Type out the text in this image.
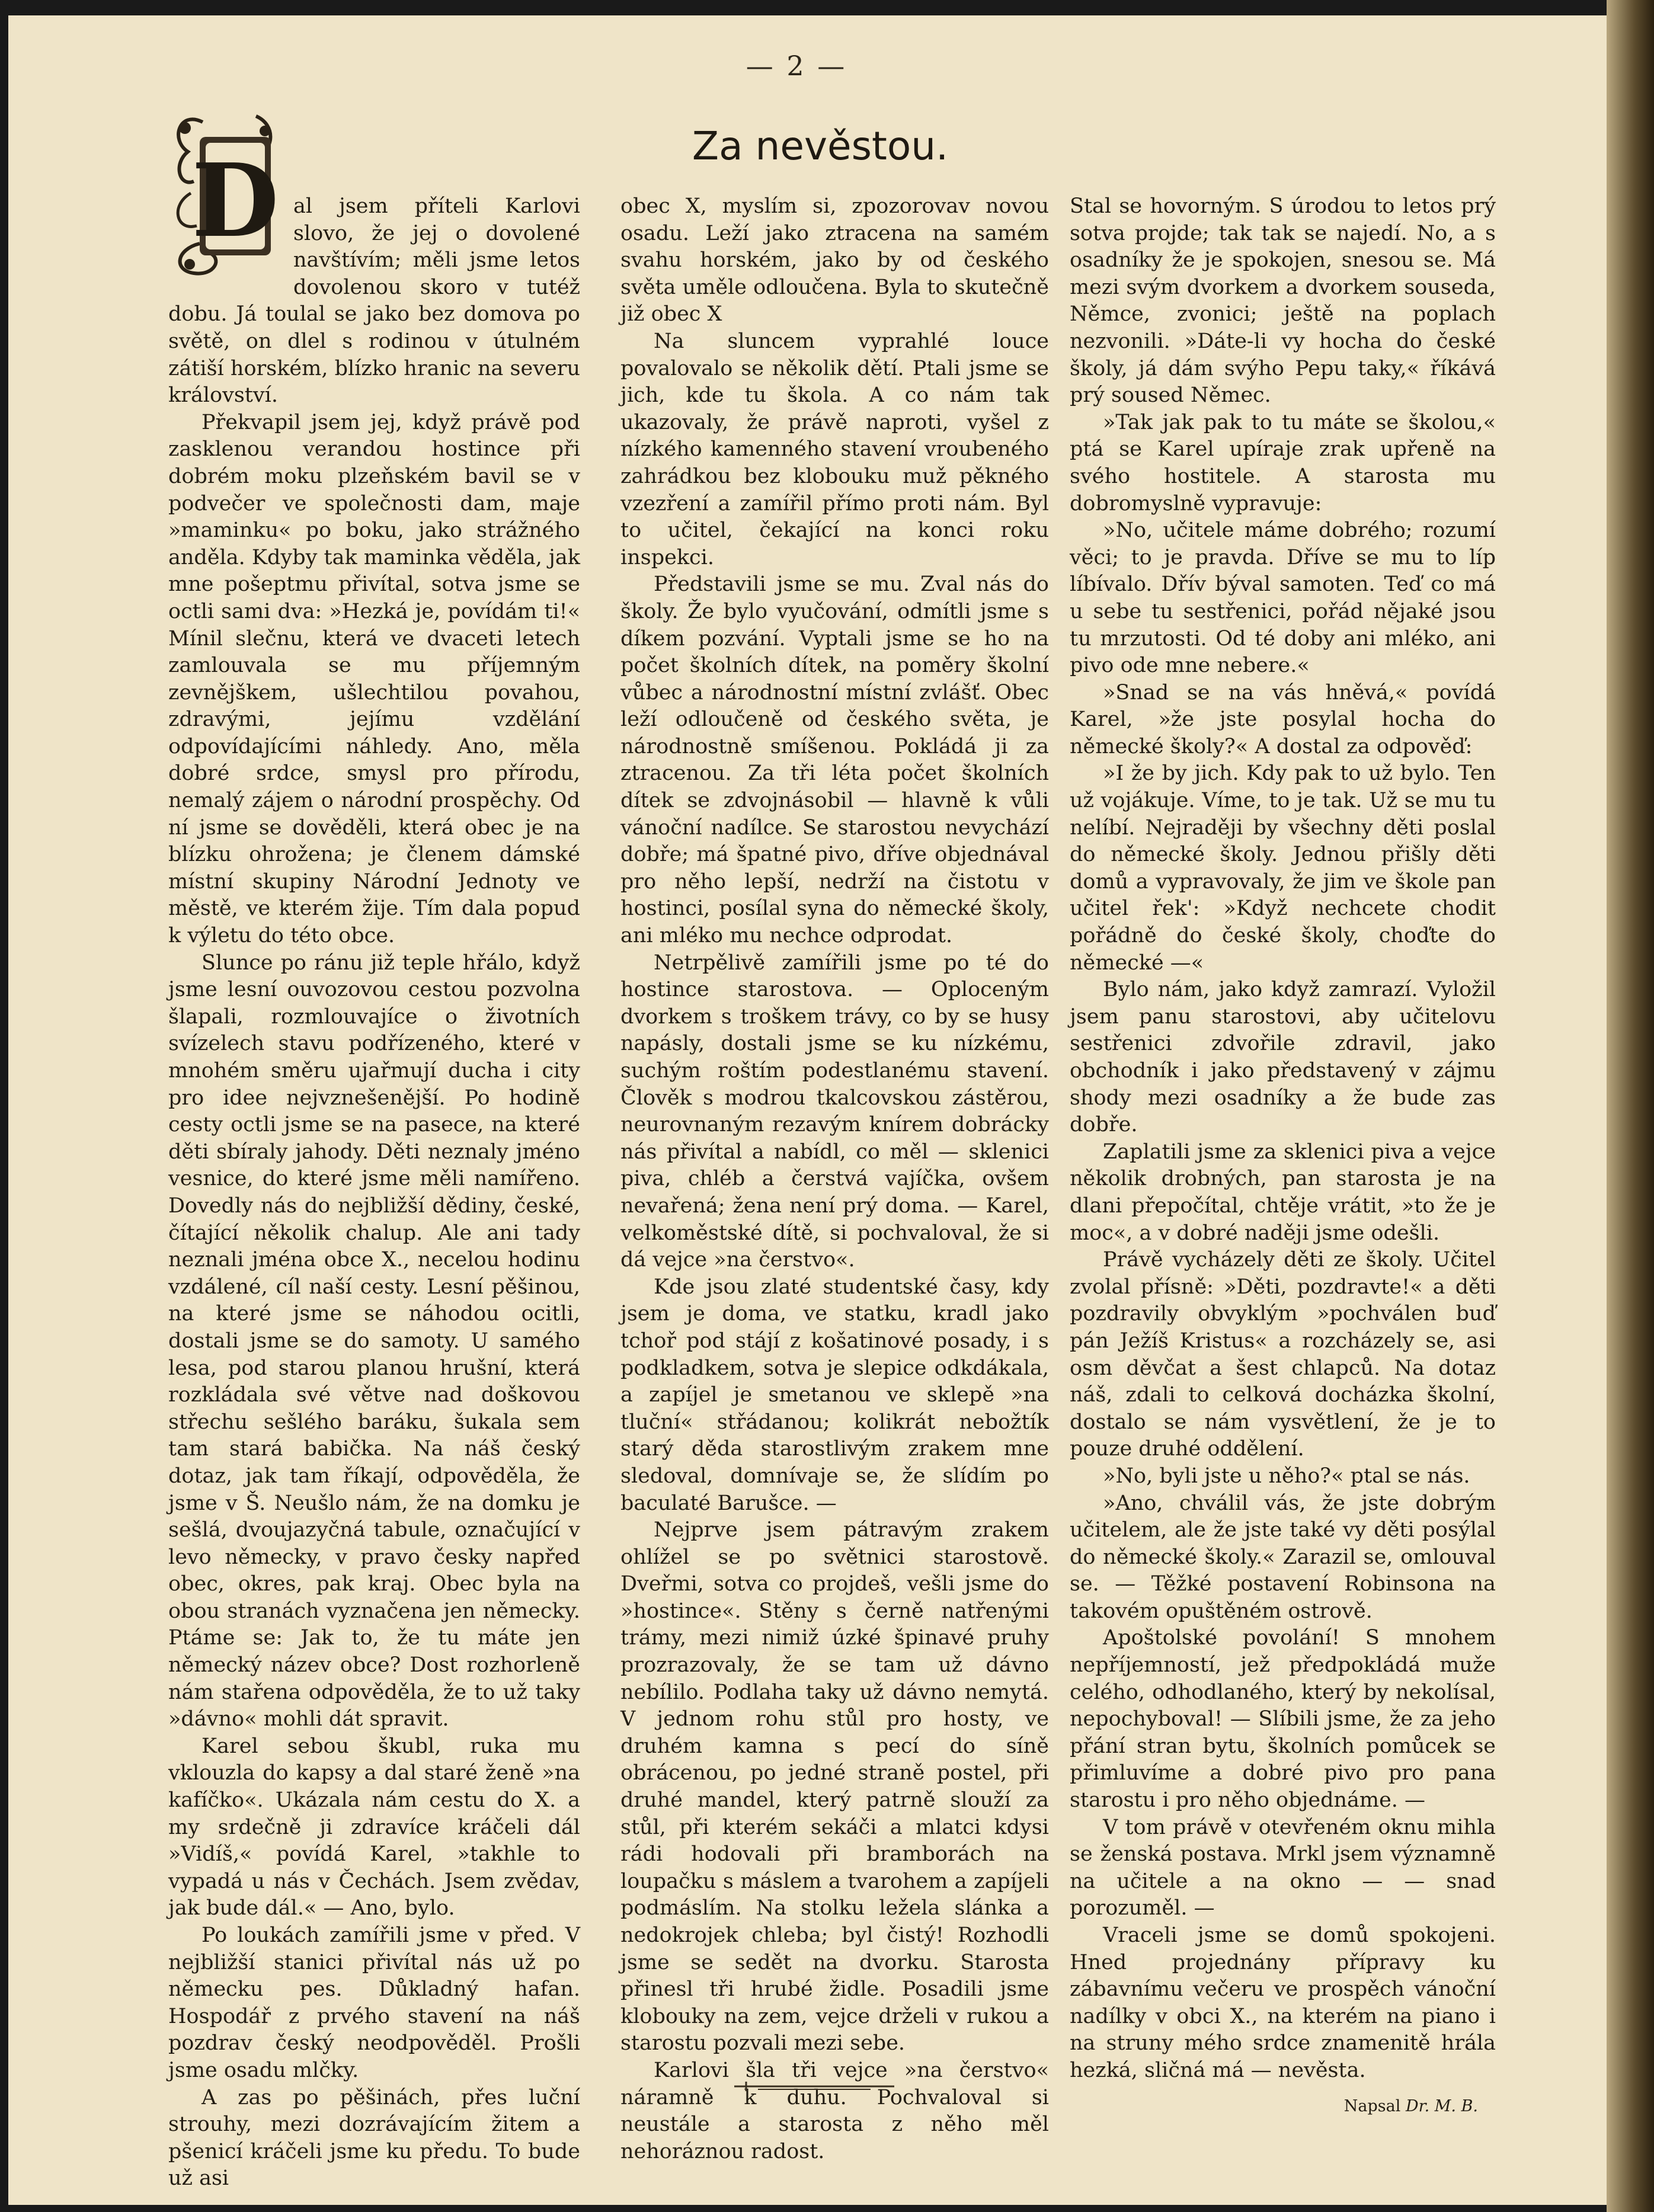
— 2 —
Za nevěstou.
D al jsem příteli Karlovi slovo, že jej o dovolené navštívím; měli jsme letos dovolenou skoro v tutéž dobu. Já toulal se jako bez domova po světě, on dlel s rodinou v útulném zátiší horském, blízko hranic na severu království.

Překvapil jsem jej, když právě pod zasklenou verandou hostince při dobrém moku plzeňském bavil se v podvečer ve společnosti dam, maje »maminku« po boku, jako strážného anděla. Kdyby tak maminka věděla, jak mne pošeptmu přivítal, sotva jsme se octli sami dva: »Hezká je, povídám ti!« Mínil slečnu, která ve dvaceti letech zamlouvala se mu příjemným zevnějškem, ušlechtilou povahou, zdravými, jejímu vzdělání odpovídajícími náhledy. Ano, měla dobré srdce, smysl pro přírodu, nemalý zájem o národní prospěchy. Od ní jsme se dověděli, která obec je na blízku ohrožena; je členem dámské místní skupiny Národní Jednoty ve městě, ve kterém žije. Tím dala popud k výletu do této obce.

Slunce po ránu již teple hřálo, když jsme lesní ouvozovou cestou pozvolna šlapali, rozmlouvajíce o životních svízelech stavu podřízeného, které v mnohém směru ujařmují ducha i city pro idee nejvznešenější. Po hodině cesty octli jsme se na pasece, na které děti sbíraly jahody. Děti neznaly jméno vesnice, do které jsme měli namířeno. Dovedly nás do nejbližší dědiny, české, čítající několik chalup. Ale ani tady neznali jména obce X., necelou hodinu vzdálené, cíl naší cesty. Lesní pěšinou, na které jsme se náhodou ocitli, dostali jsme se do samoty. U samého lesa, pod starou planou hrušní, která rozkládala své větve nad doškovou střechu sešlého baráku, šukala sem tam stará babička. Na náš český dotaz, jak tam říkají, odpověděla, že jsme v Š. Neušlo nám, že na domku je sešlá, dvoujazyčná tabule, označující v levo německy, v pravo česky napřed obec, okres, pak kraj. Obec byla na obou stranách vyznačena jen německy. Ptáme se: Jak to, že tu máte jen německý název obce? Dost rozhorleně nám stařena odpověděla, že to už taky »dávno« mohli dát spravit.

Karel sebou škubl, ruka mu vklouzla do kapsy a dal staré ženě »na kafíčko«. Ukázala nám cestu do X. a my srdečně ji zdravíce kráčeli dál »Vidíš,« povídá Karel, »takhle to vypadá u nás v Čechách. Jsem zvědav, jak bude dál.« — Ano, bylo.

Po loukách zamířili jsme v před. V nejbližší stanici přivítal nás už po německu pes. Důkladný hafan. Hospodář z prvého stavení na náš pozdrav český neodpověděl. Prošli jsme osadu mlčky.

A zas po pěšinách, přes luční strouhy, mezi dozrávajícím žitem a pšenicí kráčeli jsme ku předu. To bude už asi

obec X, myslím si, zpozorovav novou osadu. Leží jako ztracena na samém svahu horském, jako by od českého světa uměle odloučena. Byla to skutečně již obec X

Na sluncem vyprahlé louce povalovalo se několik dětí. Ptali jsme se jich, kde tu škola. A co nám tak ukazovaly, že právě naproti, vyšel z nízkého kamenného stavení vroubeného zahrádkou bez klobouku muž pěkného vzezření a zamířil přímo proti nám. Byl to učitel, čekající na konci roku inspekci.

Představili jsme se mu. Zval nás do školy. Že bylo vyučování, odmítli jsme s díkem pozvání. Vyptali jsme se ho na počet školních dítek, na poměry školní vůbec a národnostní místní zvlášť. Obec leží odloučeně od českého světa, je národnostně smíšenou. Pokládá ji za ztracenou. Za tři léta počet školních dítek se zdvojnásobil — hlavně k vůli vánoční nadílce. Se starostou nevychází dobře; má špatné pivo, dříve objednával pro něho lepší, nedrží na čistotu v hostinci, posílal syna do německé školy, ani mléko mu nechce odprodat.

Netrpělivě zamířili jsme po té do hostince starostova. — Oploceným dvorkem s troškem trávy, co by se husy napásly, dostali jsme se ku nízkému, suchým roštím podestlanému stavení. Člověk s modrou tkalcovskou zástěrou, neurovnaným rezavým knírem dobrácky nás přivítal a nabídl, co měl — sklenici piva, chléb a čerstvá vajíčka, ovšem nevařená; žena není prý doma. — Karel, velkoměstské dítě, si pochvaloval, že si dá vejce »na čerstvo«.

Kde jsou zlaté studentské časy, kdy jsem je doma, ve statku, kradl jako tchoř pod stájí z košatinové posady, i s podkladkem, sotva je slepice odkdákala, a zapíjel je smetanou ve sklepě »na tluční« střádanou; kolikrát nebožtík starý děda starostlivým zrakem mne sledoval, domnívaje se, že slídím po baculaté Barušce. —

Nejprve jsem pátravým zrakem ohlížel se po světnici starostově. Dveřmi, sotva co projdeš, vešli jsme do »hostince«. Stěny s černě natřenými trámy, mezi nimiž úzké špinavé pruhy prozrazovaly, že se tam už dávno nebílilo. Podlaha taky už dávno nemytá. V jednom rohu stůl pro hosty, ve druhém kamna s pecí do síně obrácenou, po jedné straně postel, při druhé mandel, který patrně slouží za stůl, při kterém sekáči a mlatci kdysi rádi hodovali při bramborách na loupačku s máslem a tvarohem a zapíjeli podmáslím. Na stolku ležela slánka a nedokrojek chleba; byl čistý! Rozhodli jsme se sedět na dvorku. Starosta přinesl tři hrubé židle. Posadili jsme klobouky na zem, vejce drželi v rukou a starostu pozvali mezi sebe.

Karlovi šla tři vejce »na čerstvo« náramně k duhu. Pochvaloval si neustále a starosta z něho měl nehoráznou radost.

Stal se hovorným. S úrodou to letos prý sotva projde; tak tak se najedí. No, a s osadníky že je spokojen, snesou se. Má mezi svým dvorkem a dvorkem souseda, Němce, zvonici; ještě na poplach nezvonili. »Dáte-li vy hocha do české školy, já dám svýho Pepu taky,« říkává prý soused Němec.

»Tak jak pak to tu máte se školou,« ptá se Karel upíraje zrak upřeně na svého hostitele. A starosta mu dobromyslně vypravuje:

»No, učitele máme dobrého; rozumí věci; to je pravda. Dříve se mu to líp líbívalo. Dřív býval samoten. Teď co má u sebe tu sestřenici, pořád nějaké jsou tu mrzutosti. Od té doby ani mléko, ani pivo ode mne nebere.«

»Snad se na vás hněvá,« povídá Karel, »že jste posylal hocha do německé školy?« A dostal za odpověď:

»I že by jich. Kdy pak to už bylo. Ten už vojákuje. Víme, to je tak. Už se mu tu nelíbí. Nejraději by všechny děti poslal do německé školy. Jednou přišly děti domů a vypravovaly, že jim ve škole pan učitel řek': »Když nechcete chodit pořádně do české školy, choďte do německé —«

Bylo nám, jako když zamrazí. Vyložil jsem panu starostovi, aby učitelovu sestřenici zdvořile zdravil, jako obchodník i jako představený v zájmu shody mezi osadníky a že bude zas dobře.

Zaplatili jsme za sklenici piva a vejce několik drobných, pan starosta je na dlani přepočítal, chtěje vrátit, »to že je moc«, a v dobré naději jsme odešli.

Právě vycházely děti ze školy. Učitel zvolal přísně: »Děti, pozdravte!« a děti pozdravily obvyklým »pochválen buď pán Ježíš Kristus« a rozcházely se, asi osm děvčat a šest chlapců. Na dotaz náš, zdali to celková docházka školní, dostalo se nám vysvětlení, že je to pouze druhé oddělení.

»No, byli jste u něho?« ptal se nás.

»Ano, chválil vás, že jste dobrým učitelem, ale že jste také vy děti posýlal do německé školy.« Zarazil se, omlouval se. — Těžké postavení Robinsona na takovém opuštěném ostrově.

Apoštolské povolání! S mnohem nepříjemností, jež předpokládá muže celého, odhodlaného, který by nekolísal, nepochyboval! — Slíbili jsme, že za jeho přání stran bytu, školních pomůcek se přimluvíme a dobré pivo pro pana starostu i pro něho objednáme. —

V tom právě v otevřeném oknu mihla se ženská postava. Mrkl jsem významně na učitele a na okno — — snad porozuměl. —

Vraceli jsme se domů spokojeni. Hned projednány přípravy ku zábavnímu večeru ve prospěch vánoční nadílky v obci X., na kterém na piano i na struny mého srdce znamenitě hrála hezká, sličná má — nevěsta.

Napsal Dr. M. B.
